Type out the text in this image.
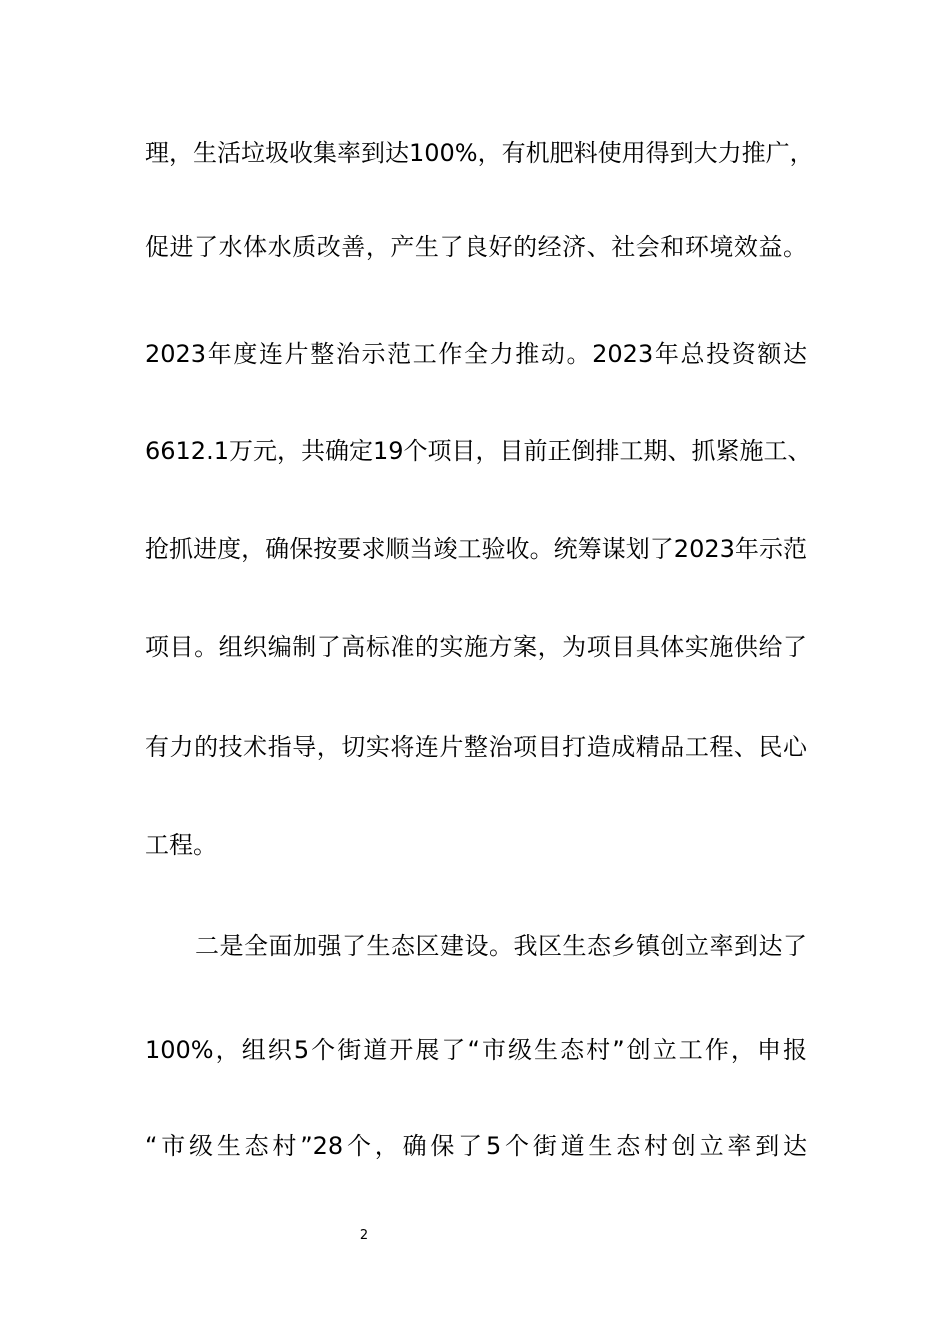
理，生活垃圾收集率到达100%，有机肥料使用得到大力推广，
促进了水体水质改善，产生了良好的经济、社会和环境效益。
2023年度连片整治示范工作全力推动。2023年总投资额达
6612.1万元，共确定19个项目，目前正倒排工期、抓紧施工、
抢抓进度，确保按要求顺当竣工验收。统筹谋划了2023年示范
项目。组织编制了高标准的实施方案，为项目具体实施供给了
有力的技术指导，切实将连片整治项目打造成精品工程、民心
工程。
二是全面加强了生态区建设。我区生态乡镇创立率到达了
100%，组织5个街道开展了“市级生态村”创立工作，申报
“市级生态村”28个，确保了5个街道生态村创立率到达
2
